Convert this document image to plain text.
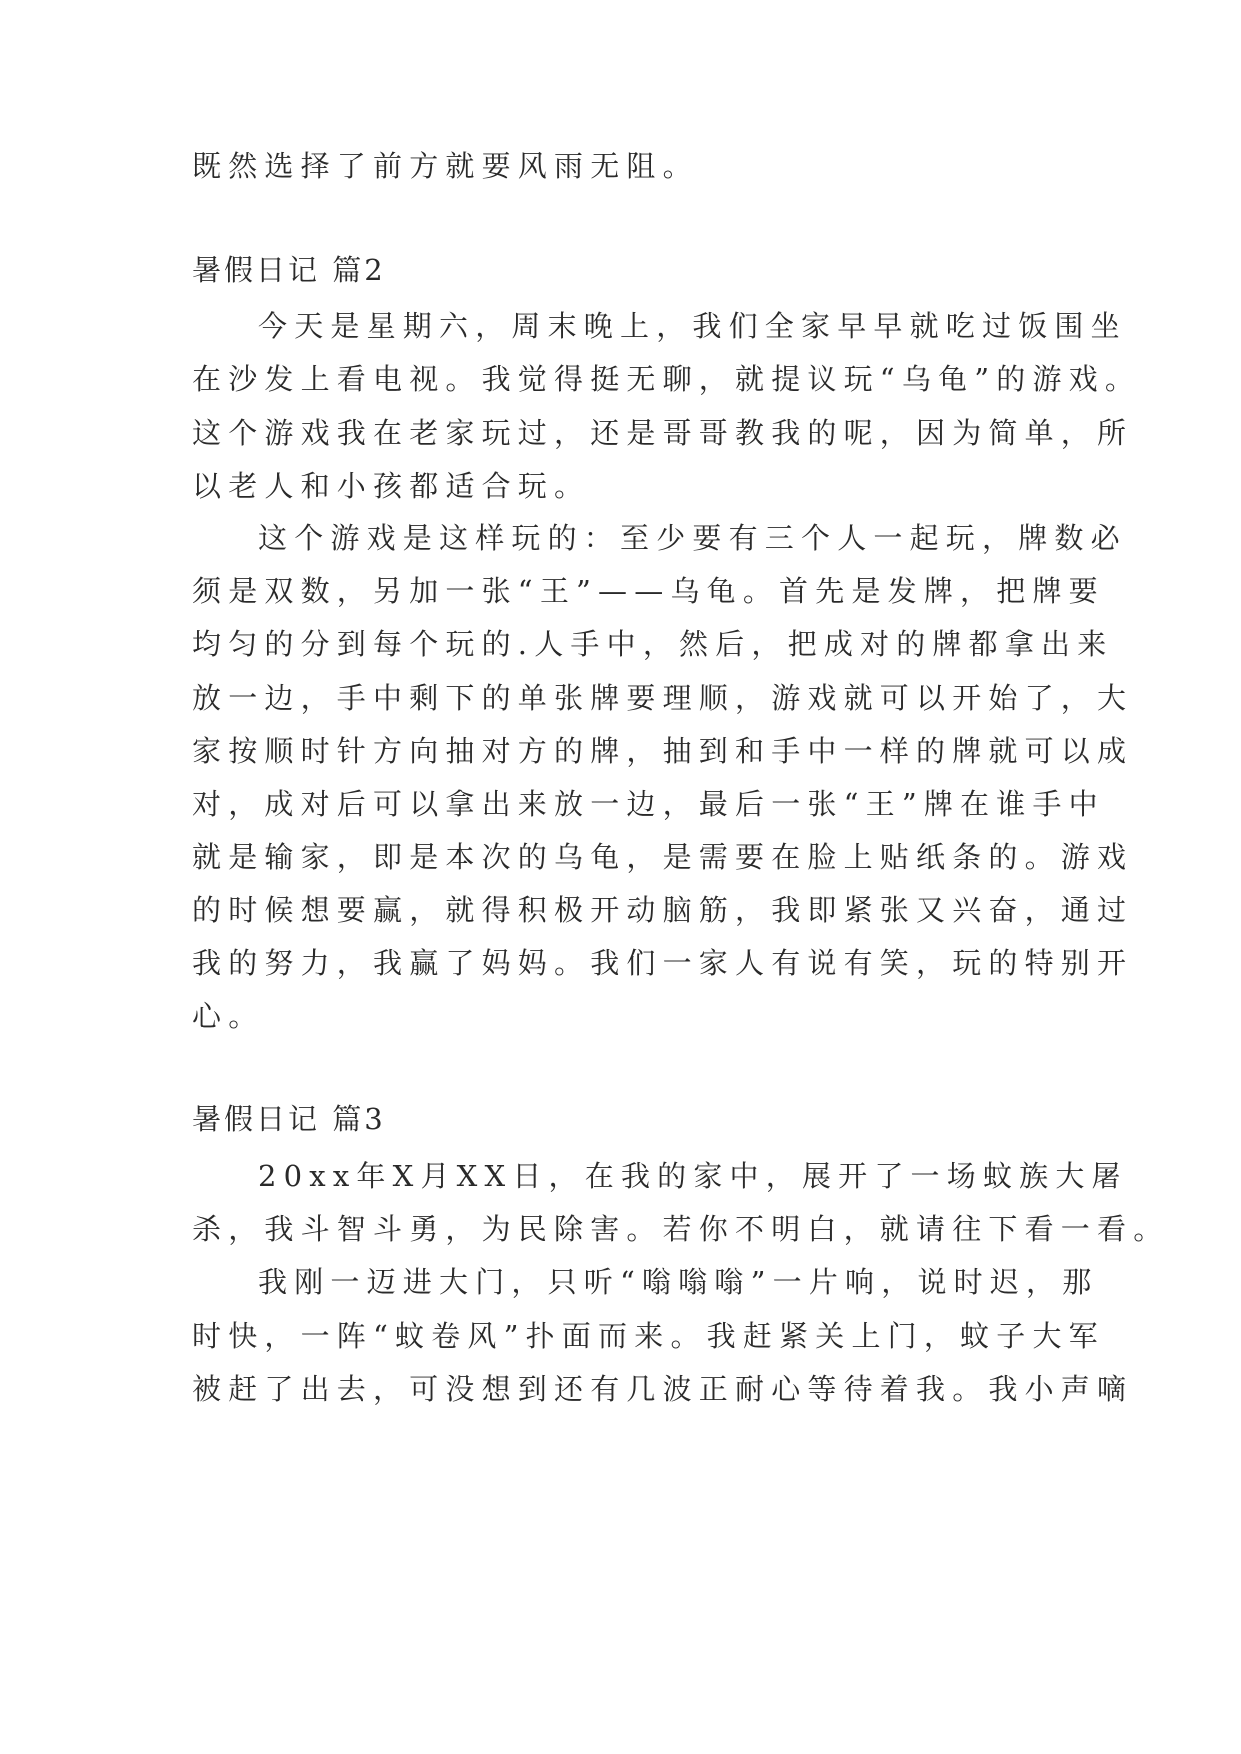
既然选择了前方就要风雨无阻。

暑假日记 篇2

今天是星期六，周末晚上，我们全家早早就吃过饭围坐

在沙发上看电视。我觉得挺无聊，就提议玩“乌龟”的游戏。

这个游戏我在老家玩过，还是哥哥教我的呢，因为简单，所

以老人和小孩都适合玩。

这个游戏是这样玩的：至少要有三个人一起玩，牌数必

须是双数，另加一张“王”——乌龟。首先是发牌，把牌要

均匀的分到每个玩的.人手中，然后，把成对的牌都拿出来

放一边，手中剩下的单张牌要理顺，游戏就可以开始了，大

家按顺时针方向抽对方的牌，抽到和手中一样的牌就可以成

对，成对后可以拿出来放一边，最后一张“王”牌在谁手中

就是输家，即是本次的乌龟，是需要在脸上贴纸条的。游戏

的时候想要赢，就得积极开动脑筋，我即紧张又兴奋，通过

我的努力，我赢了妈妈。我们一家人有说有笑，玩的特别开

心。

暑假日记 篇3

20xx年X月XX日，在我的家中，展开了一场蚊族大屠

杀，我斗智斗勇，为民除害。若你不明白，就请往下看一看。

我刚一迈进大门，只听“嗡嗡嗡”一片响，说时迟，那

时快，一阵“蚊卷风”扑面而来。我赶紧关上门，蚊子大军

被赶了出去，可没想到还有几波正耐心等待着我。我小声嘀
